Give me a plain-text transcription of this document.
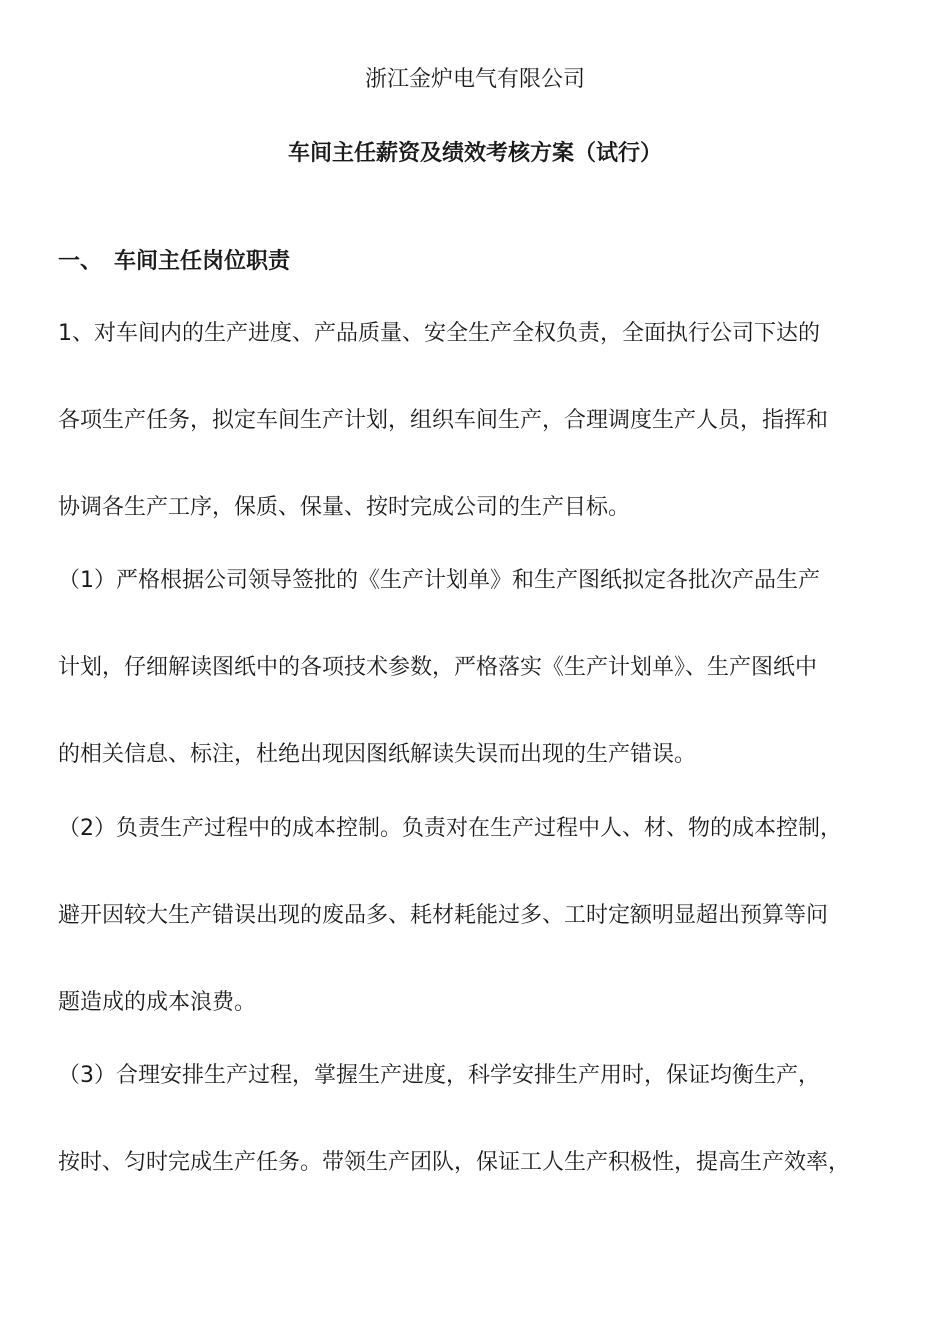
浙江金炉电气有限公司
车间主任薪资及绩效考核方案（试行）
一、 车间主任岗位职责
1、对车间内的生产进度、产品质量、安全生产全权负责，全面执行公司下达的
各项生产任务，拟定车间生产计划，组织车间生产，合理调度生产人员，指挥和
协调各生产工序，保质、保量、按时完成公司的生产目标。
（1）严格根据公司领导签批的《生产计划单》和生产图纸拟定各批次产品生产
计划，仔细解读图纸中的各项技术参数，严格落实《生产计划单》、生产图纸中
的相关信息、标注，杜绝出现因图纸解读失误而出现的生产错误。
（2）负责生产过程中的成本控制。负责对在生产过程中人、材、物的成本控制，
避开因较大生产错误出现的废品多、耗材耗能过多、工时定额明显超出预算等问
题造成的成本浪费。
（3）合理安排生产过程，掌握生产进度，科学安排生产用时，保证均衡生产，
按时、匀时完成生产任务。带领生产团队，保证工人生产积极性，提高生产效率，
